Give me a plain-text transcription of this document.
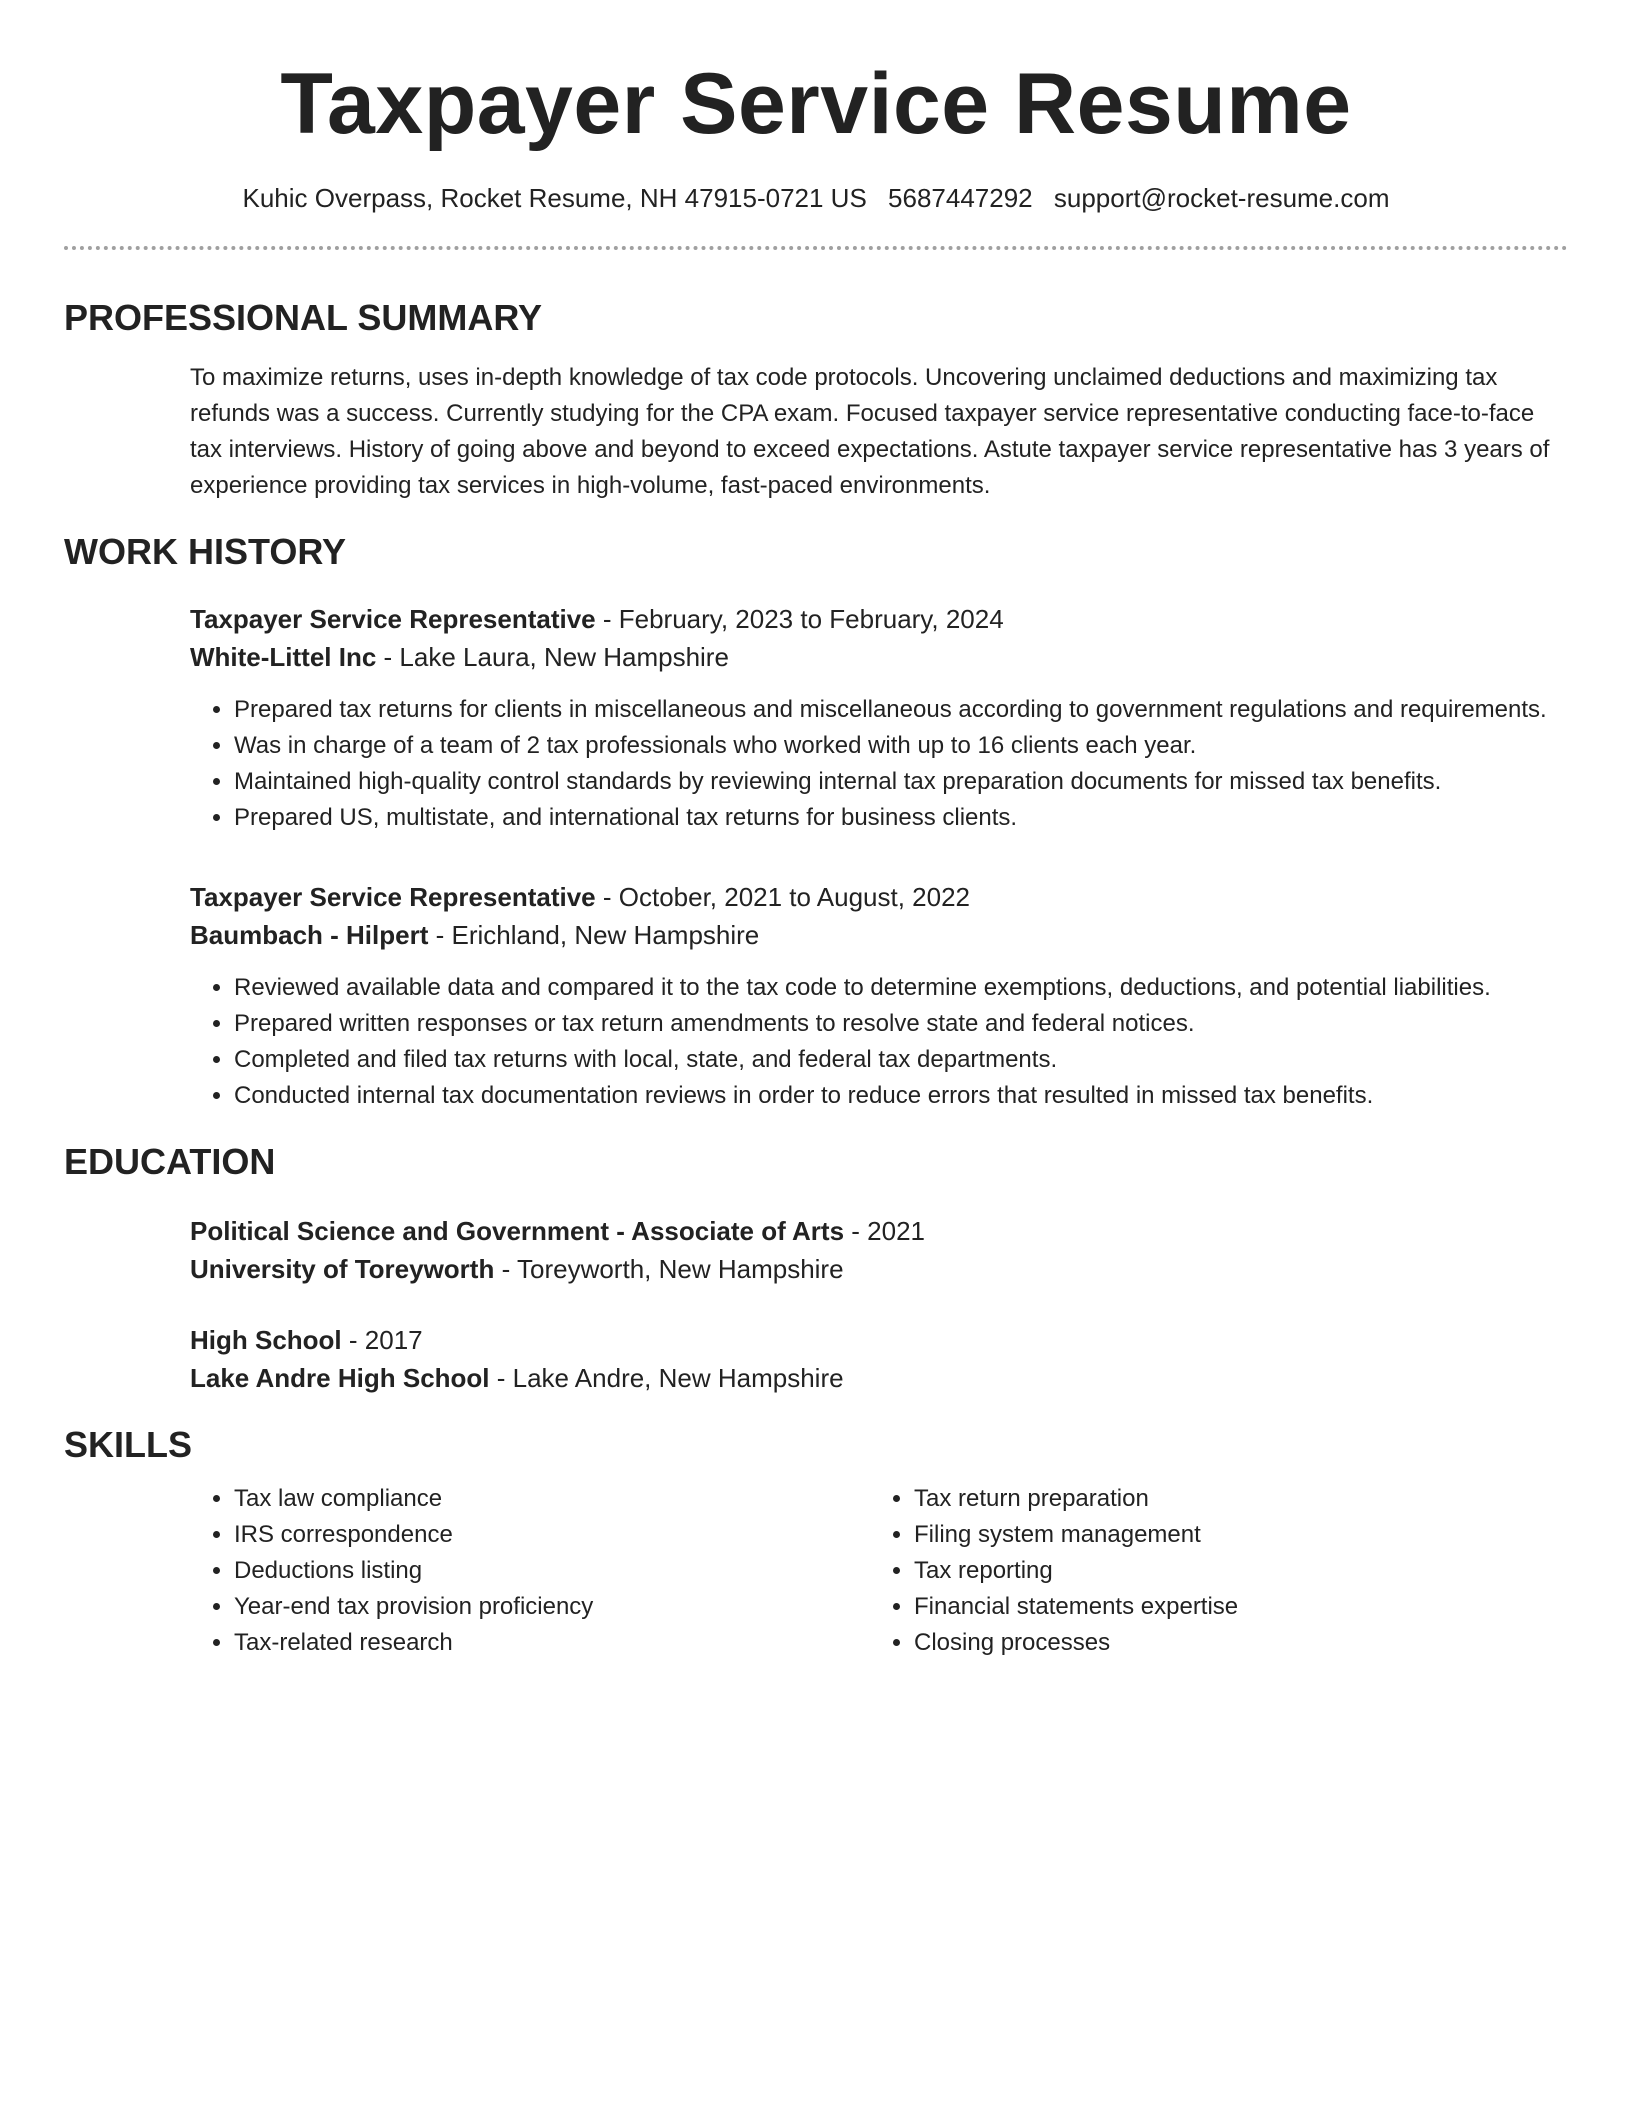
Taxpayer Service Resume
Kuhic Overpass, Rocket Resume, NH 47915-0721 US 5687447292 support@rocket-resume.com
PROFESSIONAL SUMMARY
To maximize returns, uses in-depth knowledge of tax code protocols. Uncovering unclaimed deductions and maximizing tax refunds was a success. Currently studying for the CPA exam. Focused taxpayer service representative conducting face-to-face tax interviews. History of going above and beyond to exceed expectations. Astute taxpayer service representative has 3 years of experience providing tax services in high-volume, fast-paced environments.
WORK HISTORY
Taxpayer Service Representative - February, 2023 to February, 2024
White-Littel Inc - Lake Laura, New Hampshire
• Prepared tax returns for clients in miscellaneous and miscellaneous according to government regulations and requirements.
• Was in charge of a team of 2 tax professionals who worked with up to 16 clients each year.
• Maintained high-quality control standards by reviewing internal tax preparation documents for missed tax benefits.
• Prepared US, multistate, and international tax returns for business clients.
Taxpayer Service Representative - October, 2021 to August, 2022
Baumbach - Hilpert - Erichland, New Hampshire
• Reviewed available data and compared it to the tax code to determine exemptions, deductions, and potential liabilities.
• Prepared written responses or tax return amendments to resolve state and federal notices.
• Completed and filed tax returns with local, state, and federal tax departments.
• Conducted internal tax documentation reviews in order to reduce errors that resulted in missed tax benefits.
EDUCATION
Political Science and Government - Associate of Arts - 2021
University of Toreyworth - Toreyworth, New Hampshire
High School - 2017
Lake Andre High School - Lake Andre, New Hampshire
SKILLS
• Tax law compliance
• IRS correspondence
• Deductions listing
• Year-end tax provision proficiency
• Tax-related research
• Tax return preparation
• Filing system management
• Tax reporting
• Financial statements expertise
• Closing processes
